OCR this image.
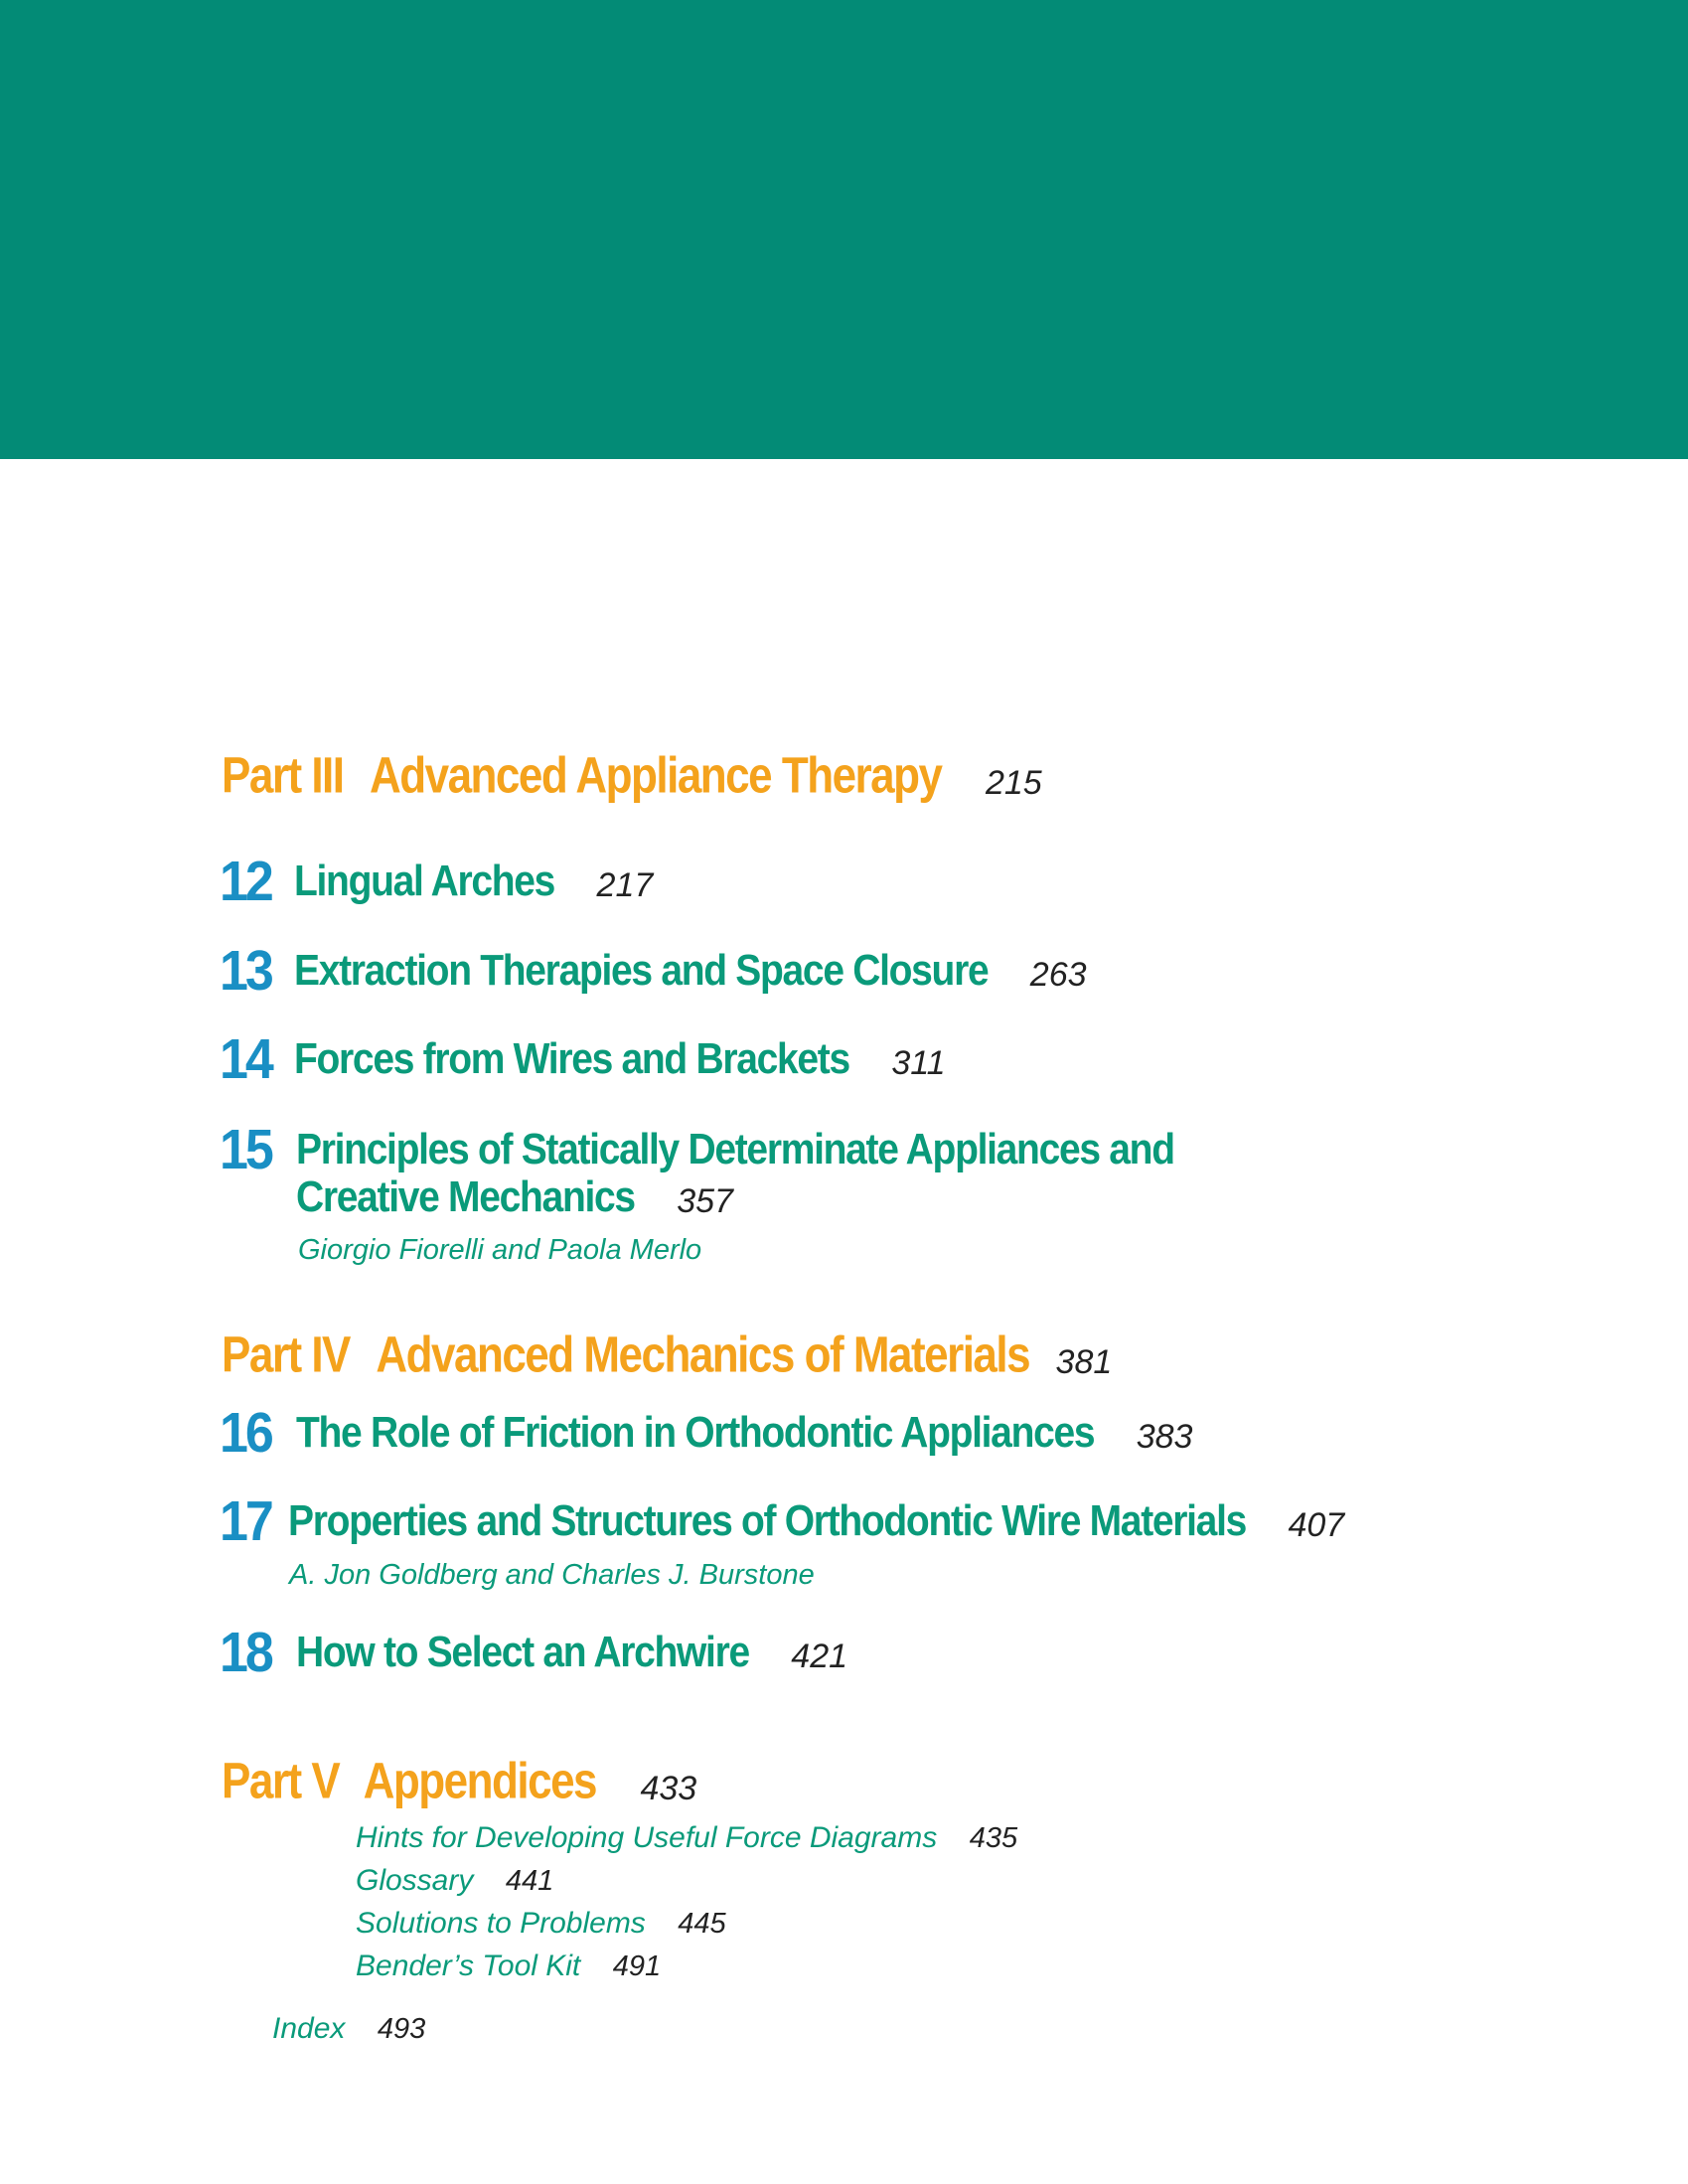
Part III Advanced Appliance Therapy 215
12 Lingual Arches 217
13 Extraction Therapies and Space Closure 263
14 Forces from Wires and Brackets 311
15 Principles of Statically Determinate Appliances and
Creative Mechanics 357
Giorgio Fiorelli and Paola Merlo
Part IV Advanced Mechanics of Materials 381
16 The Role of Friction in Orthodontic Appliances 383
17 Properties and Structures of Orthodontic Wire Materials 407
A. Jon Goldberg and Charles J. Burstone
18 How to Select an Archwire 421
Part V Appendices 433
Hints for Developing Useful Force Diagrams 435
Glossary 441
Solutions to Problems 445
Bender’s Tool Kit 491
Index 493
